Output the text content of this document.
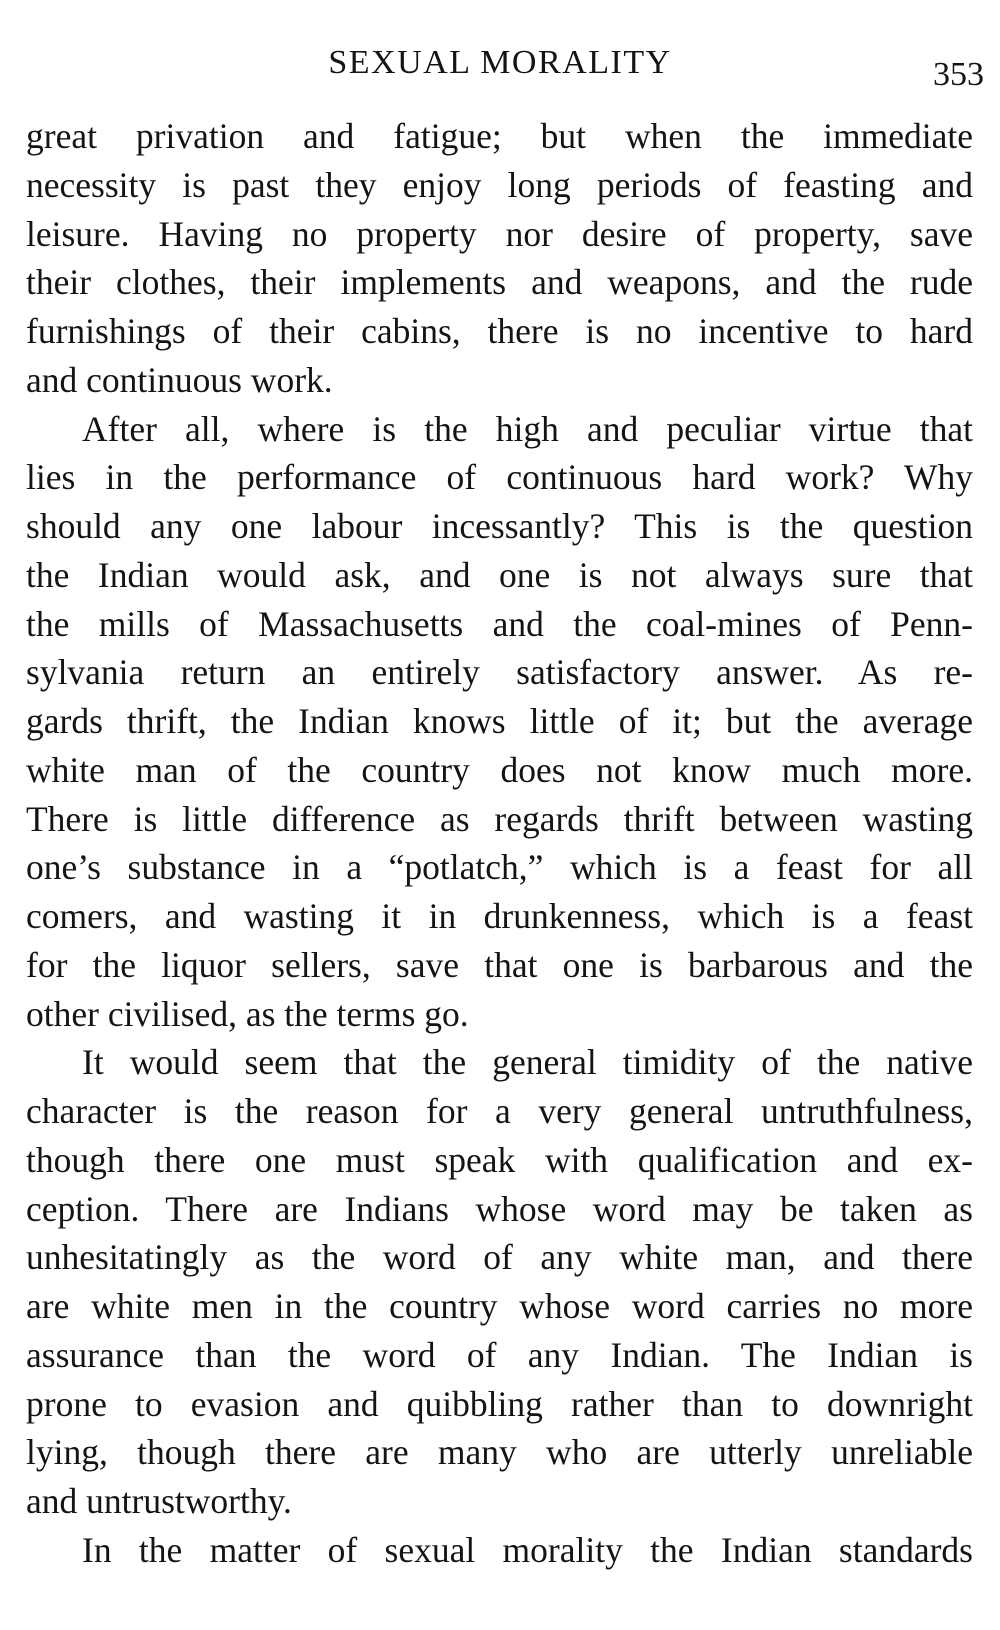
SEXUAL MORALITY	353
great privation and fatigue; but when the immediate
necessity is past they enjoy long periods of feasting and
leisure. Having no property nor desire of property, save
their clothes, their implements and weapons, and the rude
furnishings of their cabins, there is no incentive to hard
and continuous work.
After all, where is the high and peculiar virtue that
lies in the performance of continuous hard work? Why
should any one labour incessantly? This is the question
the Indian would ask, and one is not always sure that
the mills of Massachusetts and the coal-mines of Penn-
sylvania return an entirely satisfactory answer. As re-
gards thrift, the Indian knows little of it; but the average
white man of the country does not know much more.
There is little difference as regards thrift between wasting
one’s substance in a “potlatch,” which is a feast for all
comers, and wasting it in drunkenness, which is a feast
for the liquor sellers, save that one is barbarous and the
other civilised, as the terms go.
It would seem that the general timidity of the native
character is the reason for a very general untruthfulness,
though there one must speak with qualification and ex-
ception. There are Indians whose word may be taken as
unhesitatingly as the word of any white man, and there
are white men in the country whose word carries no more
assurance than the word of any Indian. The Indian is
prone to evasion and quibbling rather than to downright
lying, though there are many who are utterly unreliable
and untrustworthy.
In the matter of sexual morality the Indian standards
